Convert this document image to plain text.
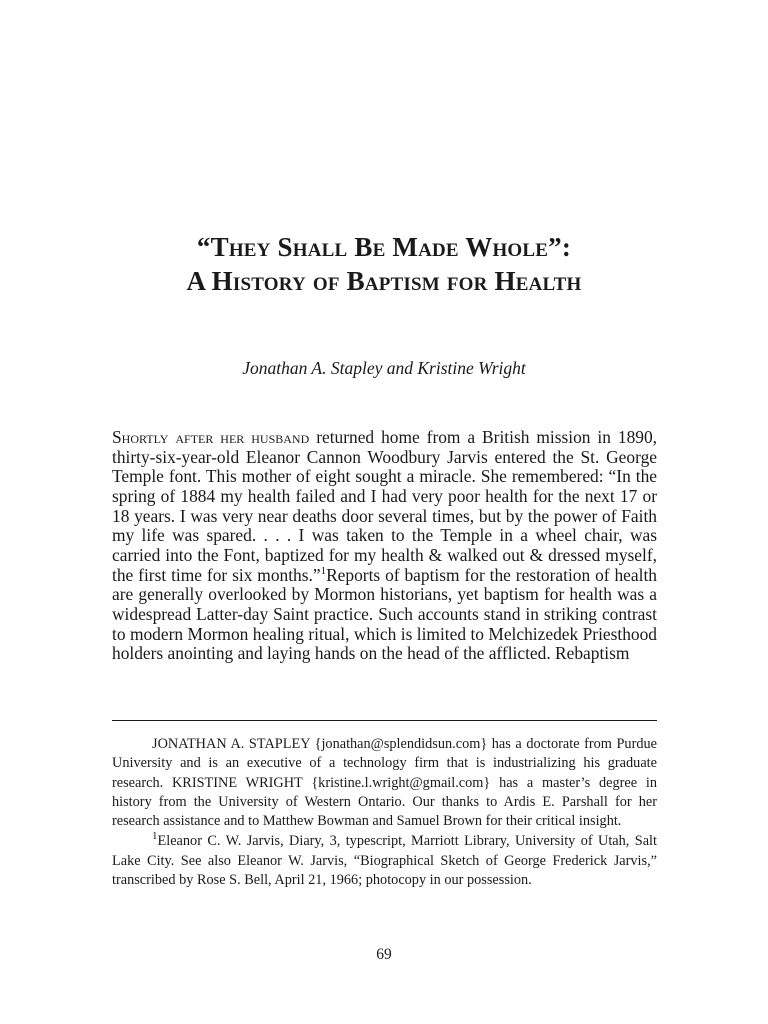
“They Shall Be Made Whole”:
A History of Baptism for Health
Jonathan A. Stapley and Kristine Wright

Shortly after her husband returned home from a British mission in 1890, thirty-six-year-old Eleanor Cannon Woodbury Jarvis entered the St. George Temple font. This mother of eight sought a miracle. She remembered: “In the spring of 1884 my health failed and I had very poor health for the next 17 or 18 years. I was very near deaths door several times, but by the power of Faith my life was spared. . . . I was taken to the Temple in a wheel chair, was carried into the Font, baptized for my health & walked out & dressed myself, the first time for six months.”$^1$Reports of baptism for the restoration of health are generally overlooked by Mormon historians, yet baptism for health was a widespread Latter-day Saint practice. Such accounts stand in striking contrast to modern Mormon healing ritual, which is limited to Melchizedek Priesthood holders anointing and laying hands on the head of the afflicted. Rebaptism

JONATHAN A. STAPLEY {jonathan@splendidsun.com} has a doctorate from Purdue University and is an executive of a technology firm that is industrializing his graduate research. KRISTINE WRIGHT {kristine.l.wright@gmail.com} has a master’s degree in history from the University of Western Ontario. Our thanks to Ardis E. Parshall for her research assistance and to Matthew Bowman and Samuel Brown for their critical insight.

$^1$Eleanor C. W. Jarvis, Diary, 3, typescript, Marriott Library, University of Utah, Salt Lake City. See also Eleanor W. Jarvis, “Biographical Sketch of George Frederick Jarvis,” transcribed by Rose S. Bell, April 21, 1966; photocopy in our possession.

69
